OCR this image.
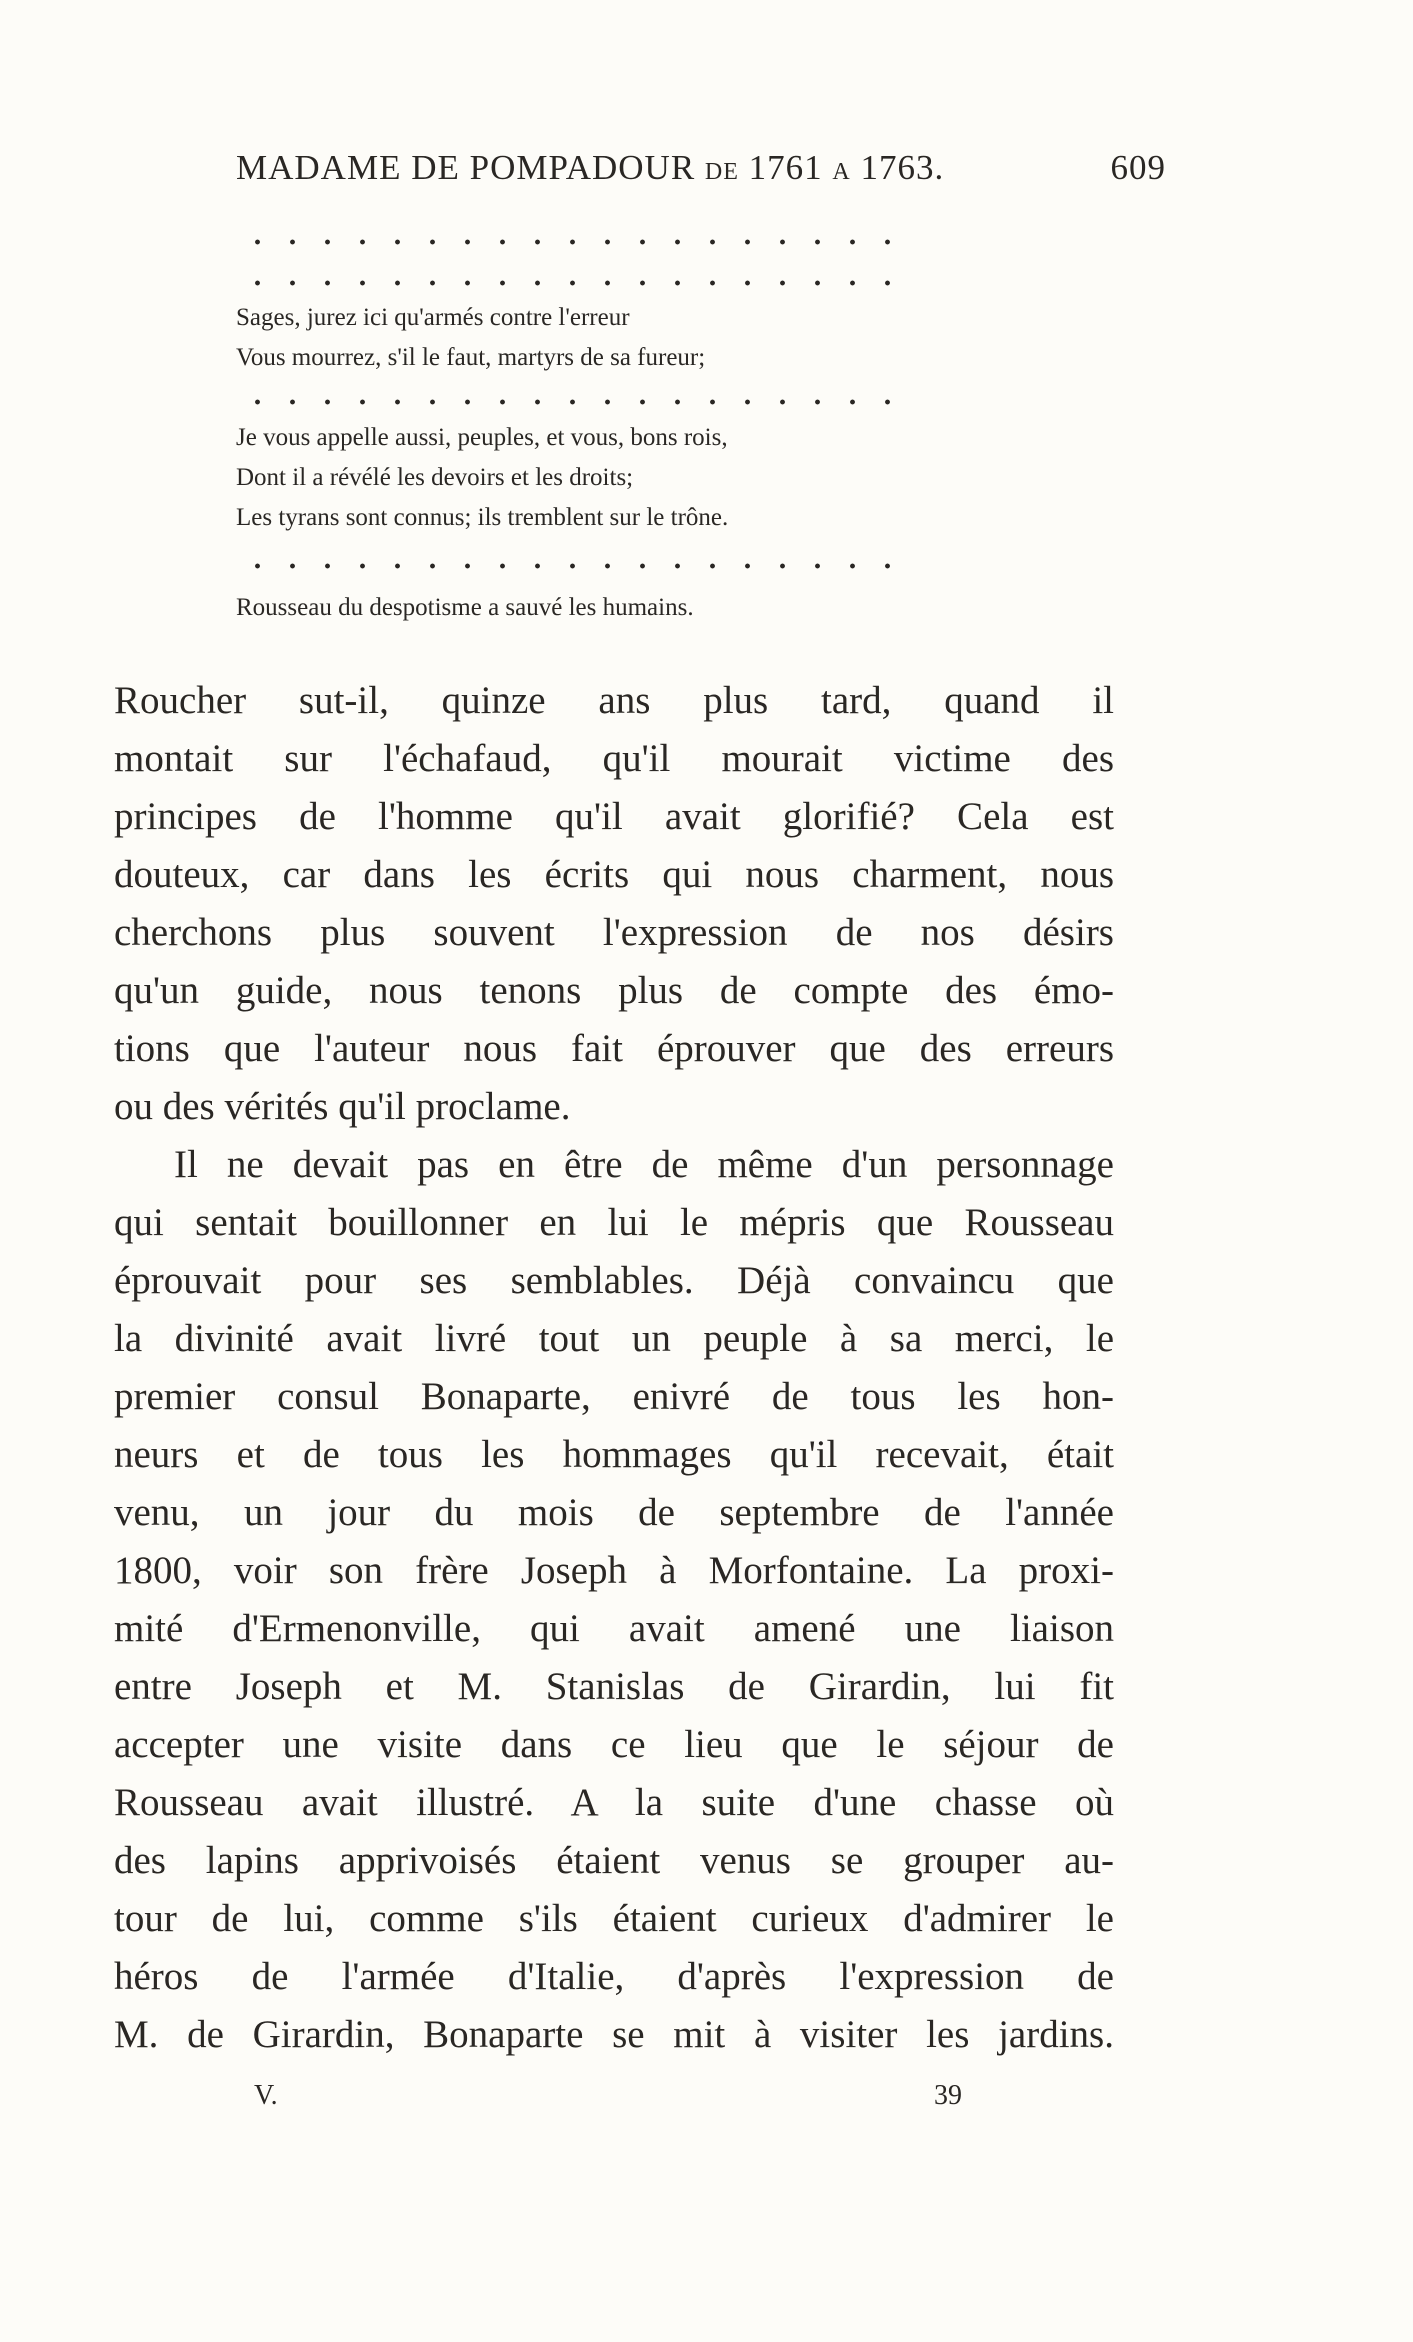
MADAME DE POMPADOUR DE 1761 A 1763.	609
Sages, jurez ici qu'armés contre l'erreur
Vous mourrez, s'il le faut, martyrs de sa fureur;
Je vous appelle aussi, peuples, et vous, bons rois,
Dont il a révélé les devoirs et les droits;
Les tyrans sont connus; ils tremblent sur le trône.
Rousseau du despotisme a sauvé les humains.
Roucher sut-il, quinze ans plus tard, quand il
montait sur l'échafaud, qu'il mourait victime des
principes de l'homme qu'il avait glorifié? Cela est
douteux, car dans les écrits qui nous charment, nous
cherchons plus souvent l'expression de nos désirs
qu'un guide, nous tenons plus de compte des émo-
tions que l'auteur nous fait éprouver que des erreurs
ou des vérités qu'il proclame.
Il ne devait pas en être de même d'un personnage
qui sentait bouillonner en lui le mépris que Rousseau
éprouvait pour ses semblables. Déjà convaincu que
la divinité avait livré tout un peuple à sa merci, le
premier consul Bonaparte, enivré de tous les hon-
neurs et de tous les hommages qu'il recevait, était
venu, un jour du mois de septembre de l'année
1800, voir son frère Joseph à Morfontaine. La proxi-
mité d'Ermenonville, qui avait amené une liaison
entre Joseph et M. Stanislas de Girardin, lui fit
accepter une visite dans ce lieu que le séjour de
Rousseau avait illustré. A la suite d'une chasse où
des lapins apprivoisés étaient venus se grouper au-
tour de lui, comme s'ils étaient curieux d'admirer le
héros de l'armée d'Italie, d'après l'expression de
M. de Girardin, Bonaparte se mit à visiter les jardins.
V.	39
